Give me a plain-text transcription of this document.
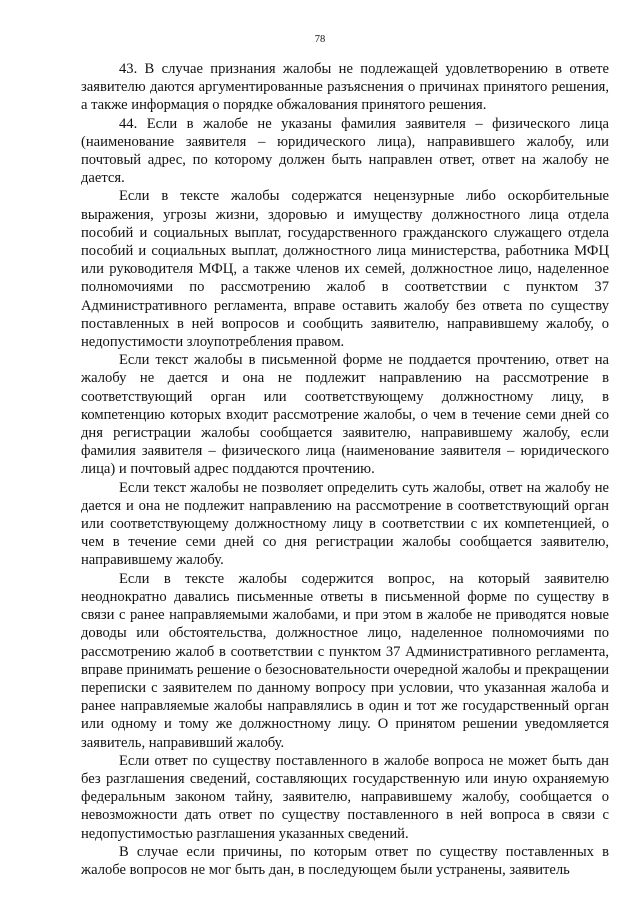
78

43. В случае признания жалобы не подлежащей удовлетворению в ответе заявителю даются аргументированные разъяснения о причинах принятого решения, а также информация о порядке обжалования принятого решения.

44. Если в жалобе не указаны фамилия заявителя – физического лица (наименование заявителя – юридического лица), направившего жалобу, или почтовый адрес, по которому должен быть направлен ответ, ответ на жалобу не дается.

Если в тексте жалобы содержатся нецензурные либо оскорбительные выражения, угрозы жизни, здоровью и имуществу должностного лица отдела пособий и социальных выплат, государственного гражданского служащего отдела пособий и социальных выплат, должностного лица министерства, работника МФЦ или руководителя МФЦ, а также членов их семей, должностное лицо, наделенное полномочиями по рассмотрению жалоб в соответствии с пунктом 37 Административного регламента, вправе оставить жалобу без ответа по существу поставленных в ней вопросов и сообщить заявителю, направившему жалобу, о недопустимости злоупотребления правом.

Если текст жалобы в письменной форме не поддается прочтению, ответ на жалобу не дается и она не подлежит направлению на рассмотрение в соответствующий орган или соответствующему должностному лицу, в компетенцию которых входит рассмотрение жалобы, о чем в течение семи дней со дня регистрации жалобы сообщается заявителю, направившему жалобу, если фамилия заявителя – физического лица (наименование заявителя – юридического лица) и почтовый адрес поддаются прочтению.

Если текст жалобы не позволяет определить суть жалобы, ответ на жалобу не дается и она не подлежит направлению на рассмотрение в соответствующий орган или соответствующему должностному лицу в соответствии с их компетенцией, о чем в течение семи дней со дня регистрации жалобы сообщается заявителю, направившему жалобу.

Если в тексте жалобы содержится вопрос, на который заявителю неоднократно давались письменные ответы в письменной форме по существу в связи с ранее направляемыми жалобами, и при этом в жалобе не приводятся новые доводы или обстоятельства, должностное лицо, наделенное полномочиями по рассмотрению жалоб в соответствии с пунктом 37 Административного регламента, вправе принимать решение о безосновательности очередной жалобы и прекращении переписки с заявителем по данному вопросу при условии, что указанная жалоба и ранее направляемые жалобы направлялись в один и тот же государственный орган или одному и тому же должностному лицу. О принятом решении уведомляется заявитель, направивший жалобу.

Если ответ по существу поставленного в жалобе вопроса не может быть дан без разглашения сведений, составляющих государственную или иную охраняемую федеральным законом тайну, заявителю, направившему жалобу, сообщается о невозможности дать ответ по существу поставленного в ней вопроса в связи с недопустимостью разглашения указанных сведений.

В случае если причины, по которым ответ по существу поставленных в жалобе вопросов не мог быть дан, в последующем были устранены, заявитель
